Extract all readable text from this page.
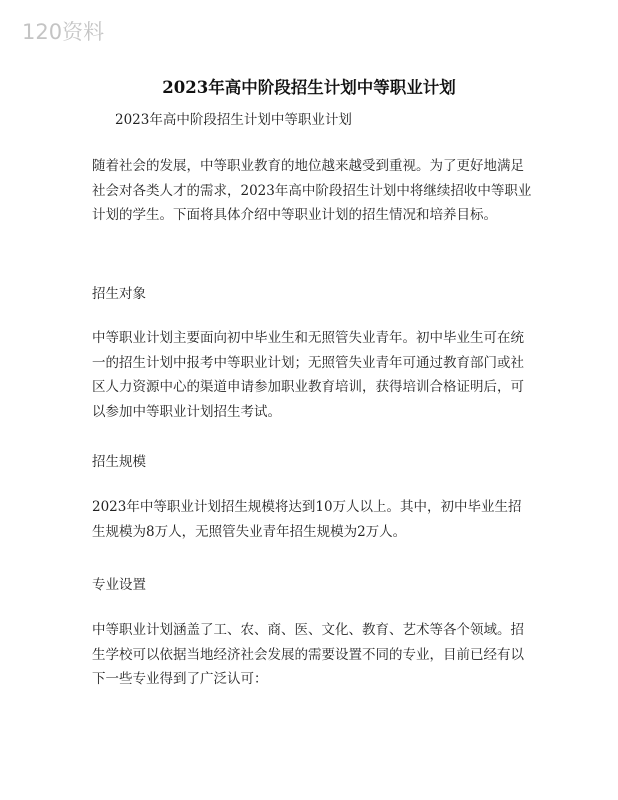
120资料
2023年高中阶段招生计划中等职业计划
2023年高中阶段招生计划中等职业计划

随着社会的发展，中等职业教育的地位越来越受到重视。为了更好地满足社会对各类人才的需求，2023年高中阶段招生计划中将继续招收中等职业计划的学生。下面将具体介绍中等职业计划的招生情况和培养目标。

招生对象

中等职业计划主要面向初中毕业生和无照管失业青年。初中毕业生可在统一的招生计划中报考中等职业计划；无照管失业青年可通过教育部门或社区人力资源中心的渠道申请参加职业教育培训，获得培训合格证明后，可以参加中等职业计划招生考试。

招生规模

2023年中等职业计划招生规模将达到10万人以上。其中，初中毕业生招生规模为8万人，无照管失业青年招生规模为2万人。

专业设置

中等职业计划涵盖了工、农、商、医、文化、教育、艺术等各个领域。招生学校可以依据当地经济社会发展的需要设置不同的专业，目前已经有以下一些专业得到了广泛认可：
